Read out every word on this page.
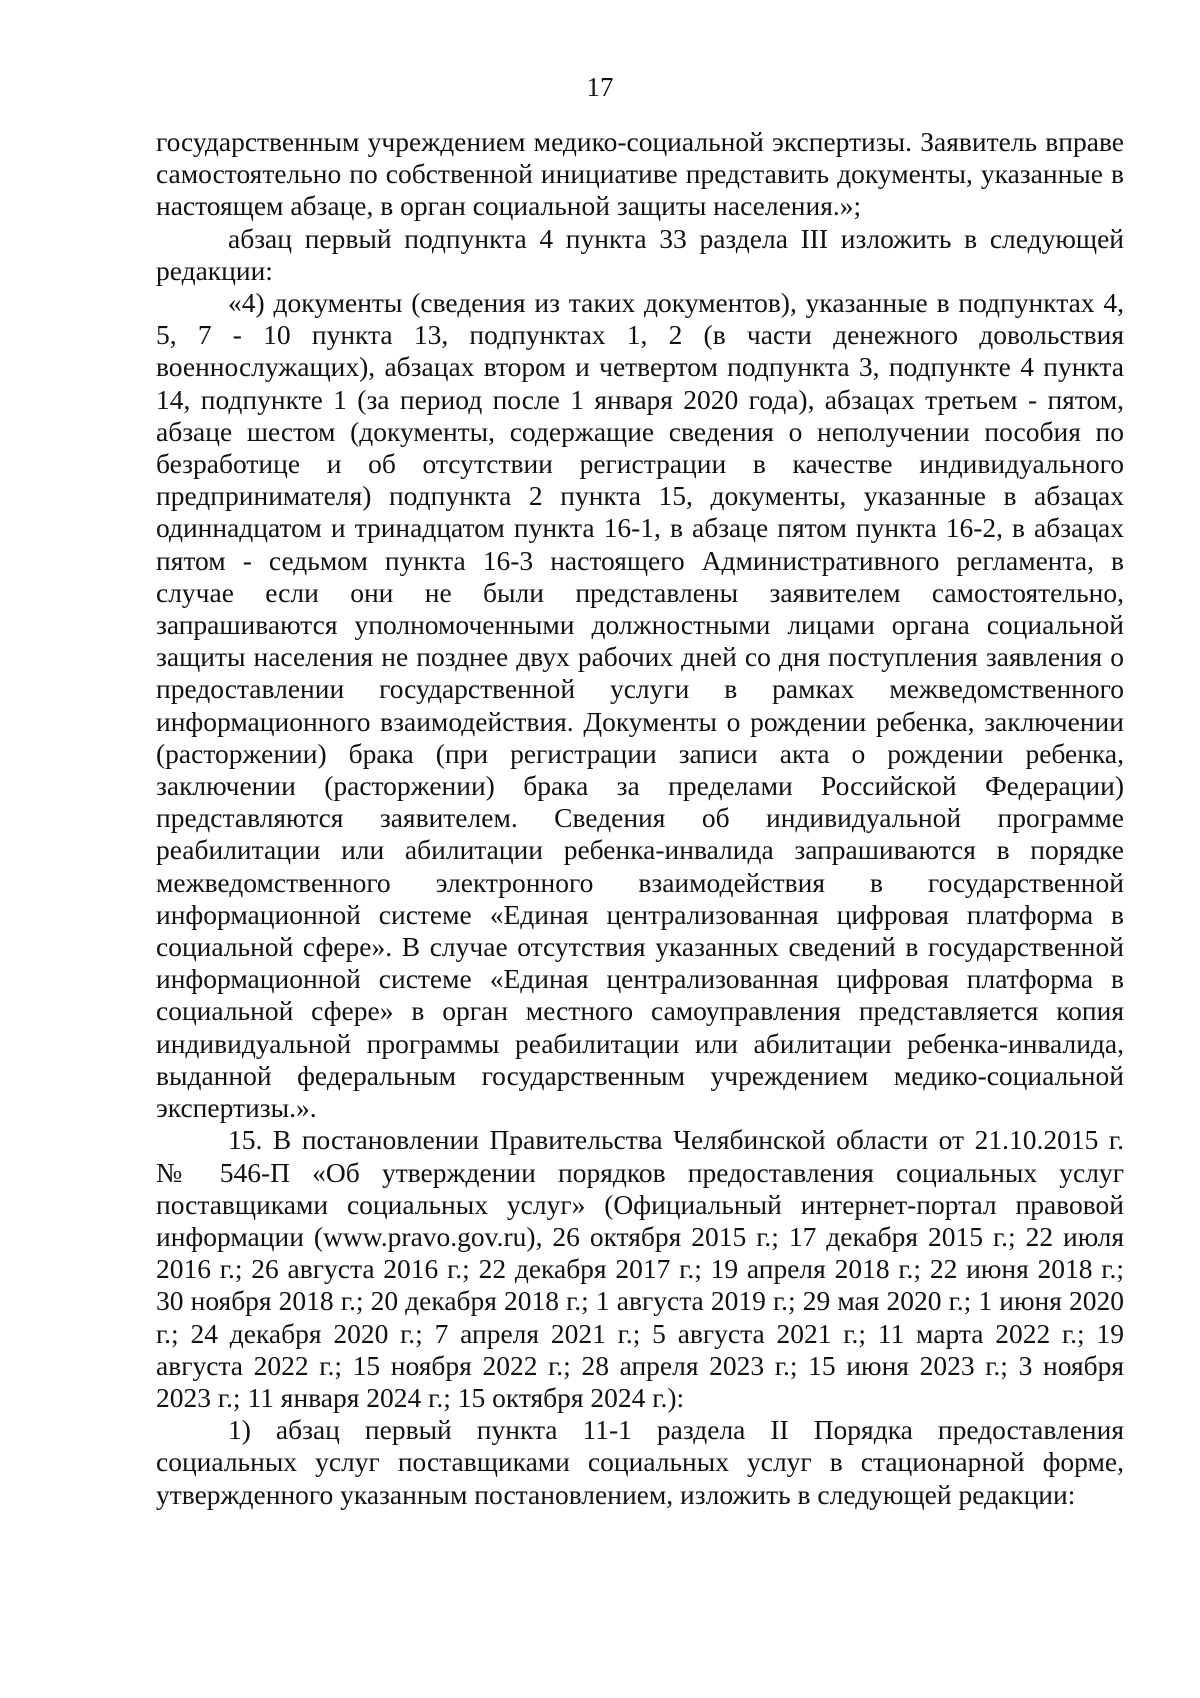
17

государственным учреждением медико-социальной экспертизы. Заявитель вправе самостоятельно по собственной инициативе представить документы, указанные в настоящем абзаце, в орган социальной защиты населения.»;

абзац первый подпункта 4 пункта 33 раздела III изложить в следующей редакции:

«4) документы (сведения из таких документов), указанные в подпунктах 4, 5, 7 - 10 пункта 13, подпунктах 1, 2 (в части денежного довольствия военнослужащих), абзацах втором и четвертом подпункта 3, подпункте 4 пункта 14, подпункте 1 (за период после 1 января 2020 года), абзацах третьем - пятом, абзаце шестом (документы, содержащие сведения о неполучении пособия по безработице и об отсутствии регистрации в качестве индивидуального предпринимателя) подпункта 2 пункта 15, документы, указанные в абзацах одиннадцатом и тринадцатом пункта 16-1, в абзаце пятом пункта 16-2, в абзацах пятом - седьмом пункта 16-3 настоящего Административного регламента, в случае если они не были представлены заявителем самостоятельно, запрашиваются уполномоченными должностными лицами органа социальной защиты населения не позднее двух рабочих дней со дня поступления заявления о предоставлении государственной услуги в рамках межведомственного информационного взаимодействия. Документы о рождении ребенка, заключении (расторжении) брака (при регистрации записи акта о рождении ребенка, заключении (расторжении) брака за пределами Российской Федерации) представляются заявителем. Сведения об индивидуальной программе реабилитации или абилитации ребенка-инвалида запрашиваются в порядке межведомственного электронного взаимодействия в государственной информационной системе «Единая централизованная цифровая платформа в социальной сфере». В случае отсутствия указанных сведений в государственной информационной системе «Единая централизованная цифровая платформа в социальной сфере» в орган местного самоуправления представляется копия индивидуальной программы реабилитации или абилитации ребенка-инвалида, выданной федеральным государственным учреждением медико-социальной экспертизы.».

15. В постановлении Правительства Челябинской области от 21.10.2015 г. № 546-П «Об утверждении порядков предоставления социальных услуг поставщиками социальных услуг» (Официальный интернет-портал правовой информации (www.pravo.gov.ru), 26 октября 2015 г.; 17 декабря 2015 г.; 22 июля 2016 г.; 26 августа 2016 г.; 22 декабря 2017 г.; 19 апреля 2018 г.; 22 июня 2018 г.; 30 ноября 2018 г.; 20 декабря 2018 г.; 1 августа 2019 г.; 29 мая 2020 г.; 1 июня 2020 г.; 24 декабря 2020 г.; 7 апреля 2021 г.; 5 августа 2021 г.; 11 марта 2022 г.; 19 августа 2022 г.; 15 ноября 2022 г.; 28 апреля 2023 г.; 15 июня 2023 г.; 3 ноября 2023 г.; 11 января 2024 г.; 15 октября 2024 г.):

1) абзац первый пункта 11-1 раздела II Порядка предоставления социальных услуг поставщиками социальных услуг в стационарной форме, утвержденного указанным постановлением, изложить в следующей редакции:
